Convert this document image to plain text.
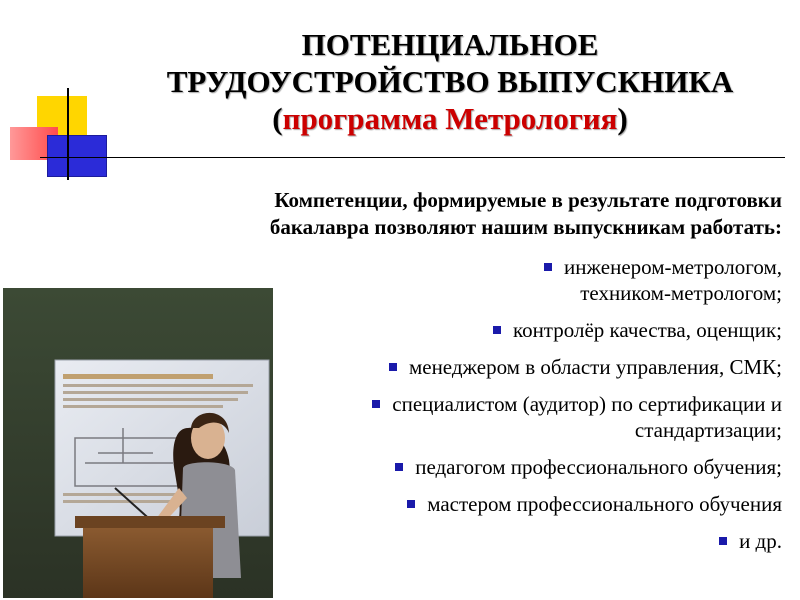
ПОТЕНЦИАЛЬНОЕ
ТРУДОУСТРОЙСТВО ВЫПУСКНИКА
(программа Метрология)
Компетенции, формируемые в результате подготовки
бакалавра позволяют нашим выпускникам работать:
инженером-метрологом,
техником-метрологом;
контролёр качества, оценщик;
менеджером в области управления, СМК;
специалистом (аудитор) по сертификации и
стандартизации;
педагогом профессионального обучения;
мастером профессионального обучения
и др.
